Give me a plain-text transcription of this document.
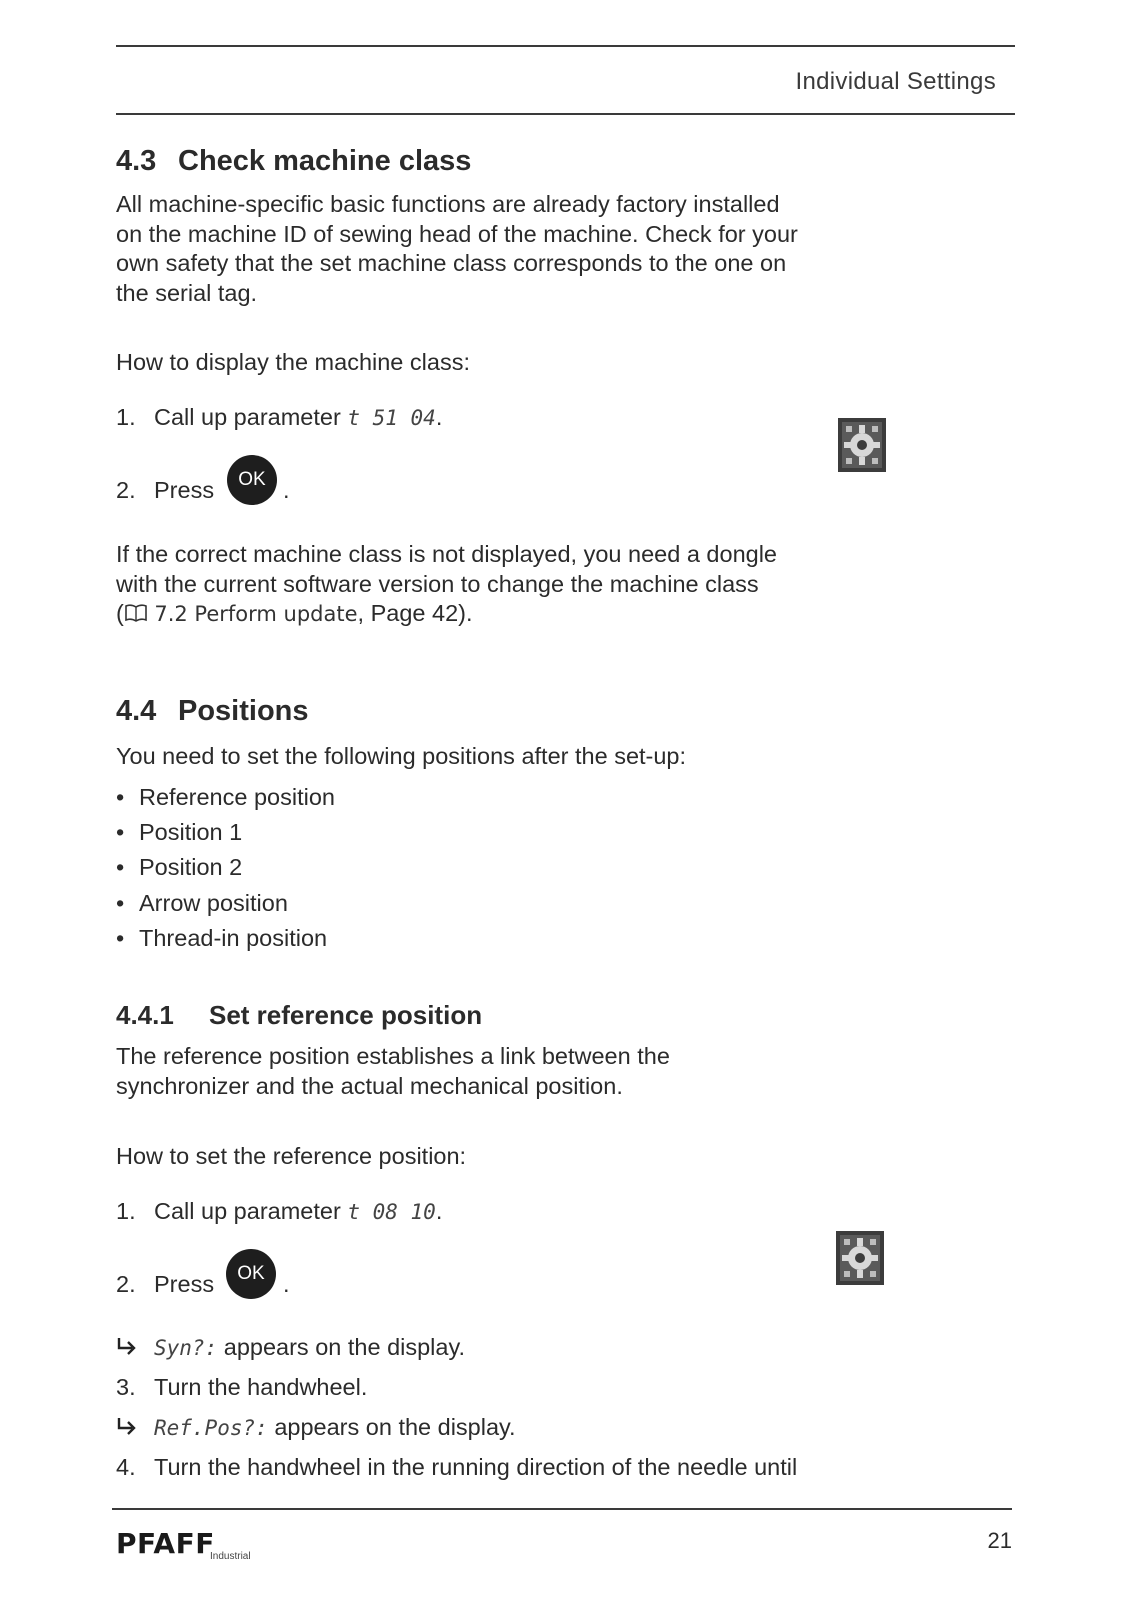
Individual Settings
4.3 Check machine class
All machine-specific basic functions are already factory installed on the machine ID of sewing head of the machine. Check for your own safety that the set machine class corresponds to the one on the serial tag.
How to display the machine class:
1. Call up parameter t 51 04.
2. Press	OK .
If the correct machine class is not displayed, you need a dongle with the current software version to change the machine class
( 7.2 Perform update, Page 42).
4.4 Positions
You need to set the following positions after the set-up:
• Reference position
• Position 1
• Position 2
• Arrow position
• Thread-in position
4.4.1 Set reference position
The reference position establishes a link between the synchronizer and the actual mechanical position.
How to set the reference position:
1. Call up parameter t 08 10.
2. Press	OK .
Syn?: appears on the display.
3. Turn the handwheel.
Ref.Pos?: appears on the display.
4. Turn the handwheel in the running direction of the needle until
PFAFF
Industrial
21
